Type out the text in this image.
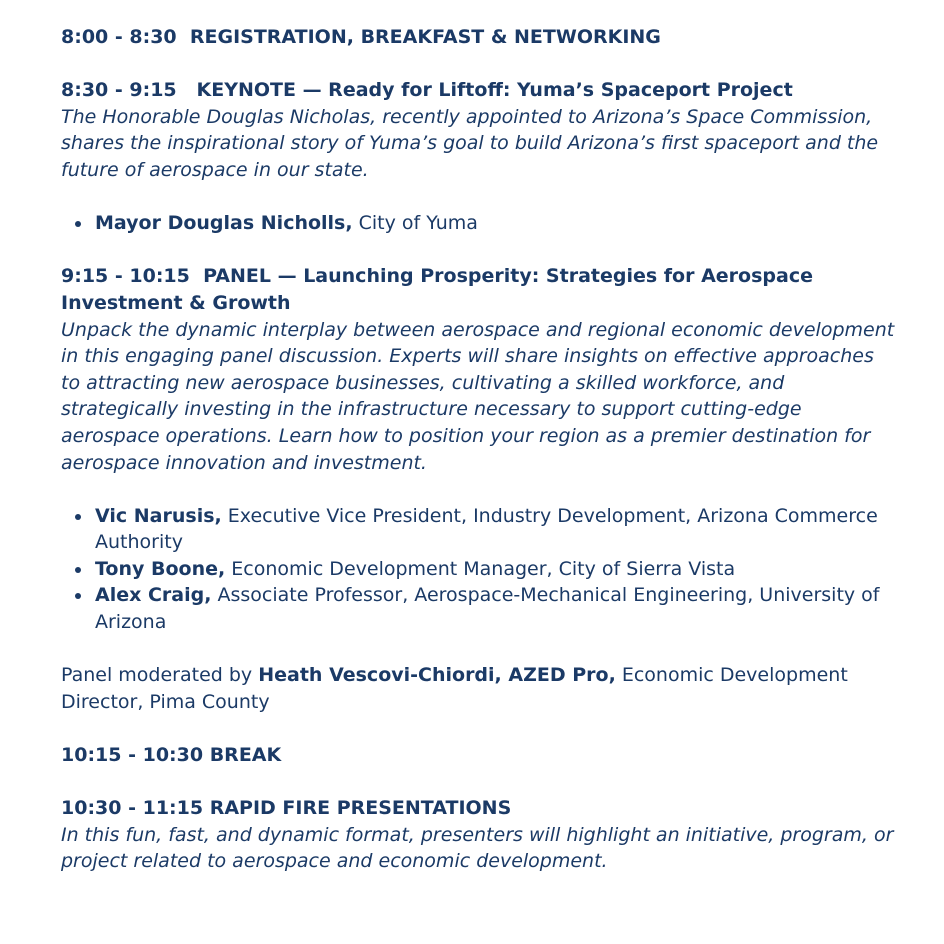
8:00 - 8:30 REGISTRATION, BREAKFAST & NETWORKING

8:30 - 9:15 KEYNOTE — Ready for Liftoff: Yuma’s Spaceport Project

The Honorable Douglas Nicholas, recently appointed to Arizona’s Space Commission, shares the inspirational story of Yuma’s goal to build Arizona’s first spaceport and the future of aerospace in our state.

Mayor Douglas Nicholls, City of Yuma

9:15 - 10:15 PANEL — Launching Prosperity: Strategies for Aerospace Investment & Growth

Unpack the dynamic interplay between aerospace and regional economic development in this engaging panel discussion. Experts will share insights on effective approaches to attracting new aerospace businesses, cultivating a skilled workforce, and strategically investing in the infrastructure necessary to support cutting-edge aerospace operations. Learn how to position your region as a premier destination for aerospace innovation and investment.

Vic Narusis, Executive Vice President, Industry Development, Arizona Commerce Authority
Tony Boone, Economic Development Manager, City of Sierra Vista
Alex Craig, Associate Professor, Aerospace-Mechanical Engineering, University of Arizona

Panel moderated by Heath Vescovi-Chiordi, AZED Pro, Economic Development Director, Pima County

10:15 - 10:30 BREAK

10:30 - 11:15 RAPID FIRE PRESENTATIONS

In this fun, fast, and dynamic format, presenters will highlight an initiative, program, or project related to aerospace and economic development.
